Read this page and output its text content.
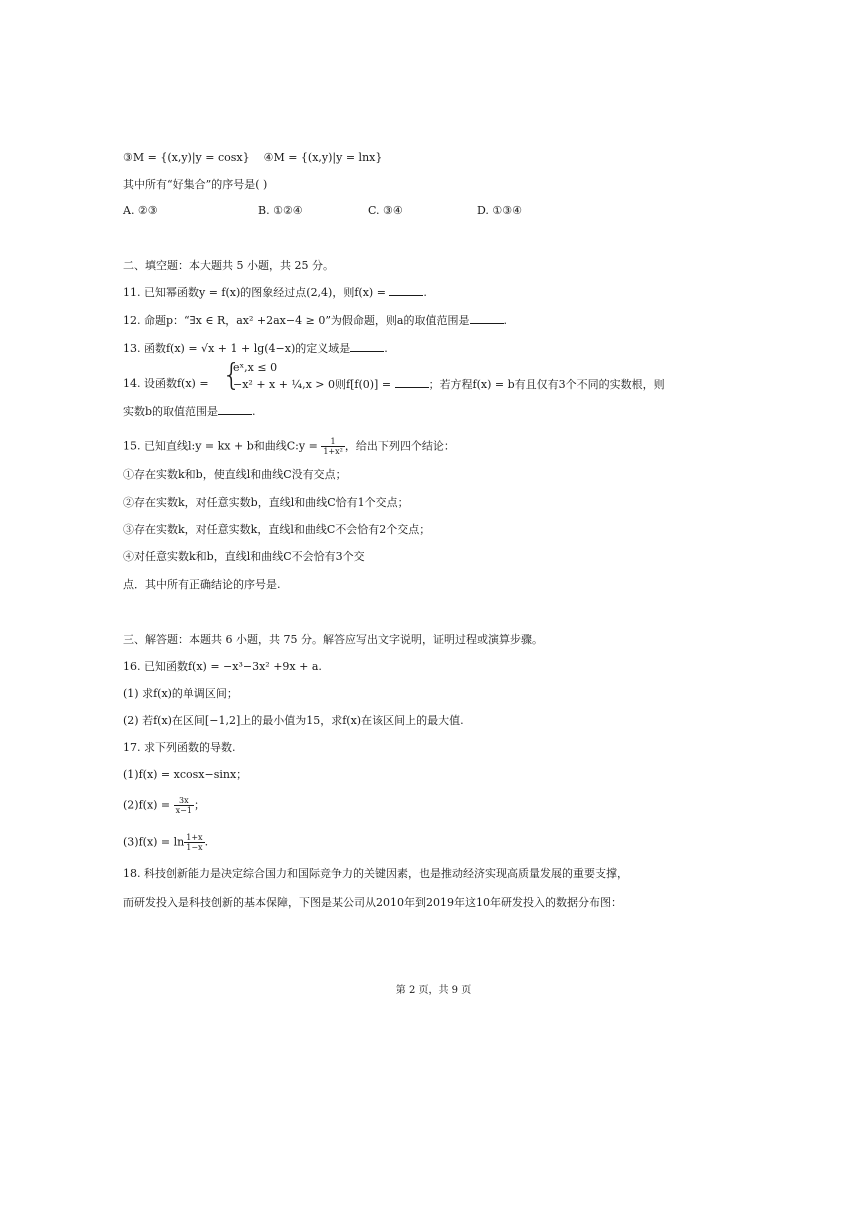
③M = {(x,y)|y = cosx} ④M = {(x,y)|y = lnx}
其中所有“好集合”的序号是( )
A. ②③	B. ①②④	C. ③④	D. ①③④
二、填空题：本大题共 5 小题，共 25 分。
11. 已知幂函数y = f(x)的图象经过点(2,4)，则f(x) =	.
12. 命题p：“∃x ∈ R，ax² +2ax−4 ≥ 0”为假命题，则a的取值范围是	.
13. 函数f(x) = √x + 1 + lg(4−x)的定义域是	.
14. 设函数f(x) = {
eˣ,x ≤ 0
−x² + x + ¼,x > 0则f[f(0)] =	；若方程f(x) = b有且仅有3个不同的实数根，则
实数b的取值范围是	.
15. 已知直线l:y = kx + b和曲线C:y = $\frac{1}{\text{1+x²}}$ ，给出下列四个结论：
①存在实数k和b，使直线l和曲线C没有交点；
②存在实数k，对任意实数b，直线l和曲线C恰有1个交点；
③存在实数k，对任意实数k，直线l和曲线C不会恰有2个交点；
④对任意实数k和b，直线l和曲线C不会恰有3个交
点．其中所有正确结论的序号是.
三、解答题：本题共 6 小题，共 75 分。解答应写出文字说明，证明过程或演算步骤。
16. 已知函数f(x) = −x³−3x² +9x + a.
(1) 求f(x)的单调区间；
(2) 若f(x)在区间[−1,2]上的最小值为15，求f(x)在该区间上的最大值.
17. 求下列函数的导数.
(1)f(x) = xcosx−sinx；
$(2)f(x) = \frac{3x}{x-1}$ ；
$(3)f(x) = \ln \frac{1+x}{1-x}$ .
18. 科技创新能力是决定综合国力和国际竞争力的关键因素，也是推动经济实现高质量发展的重要支撑，
而研发投入是科技创新的基本保障，下图是某公司从2010年到2019年这10年研发投入的数据分布图：
第 2 页，共 9 页
